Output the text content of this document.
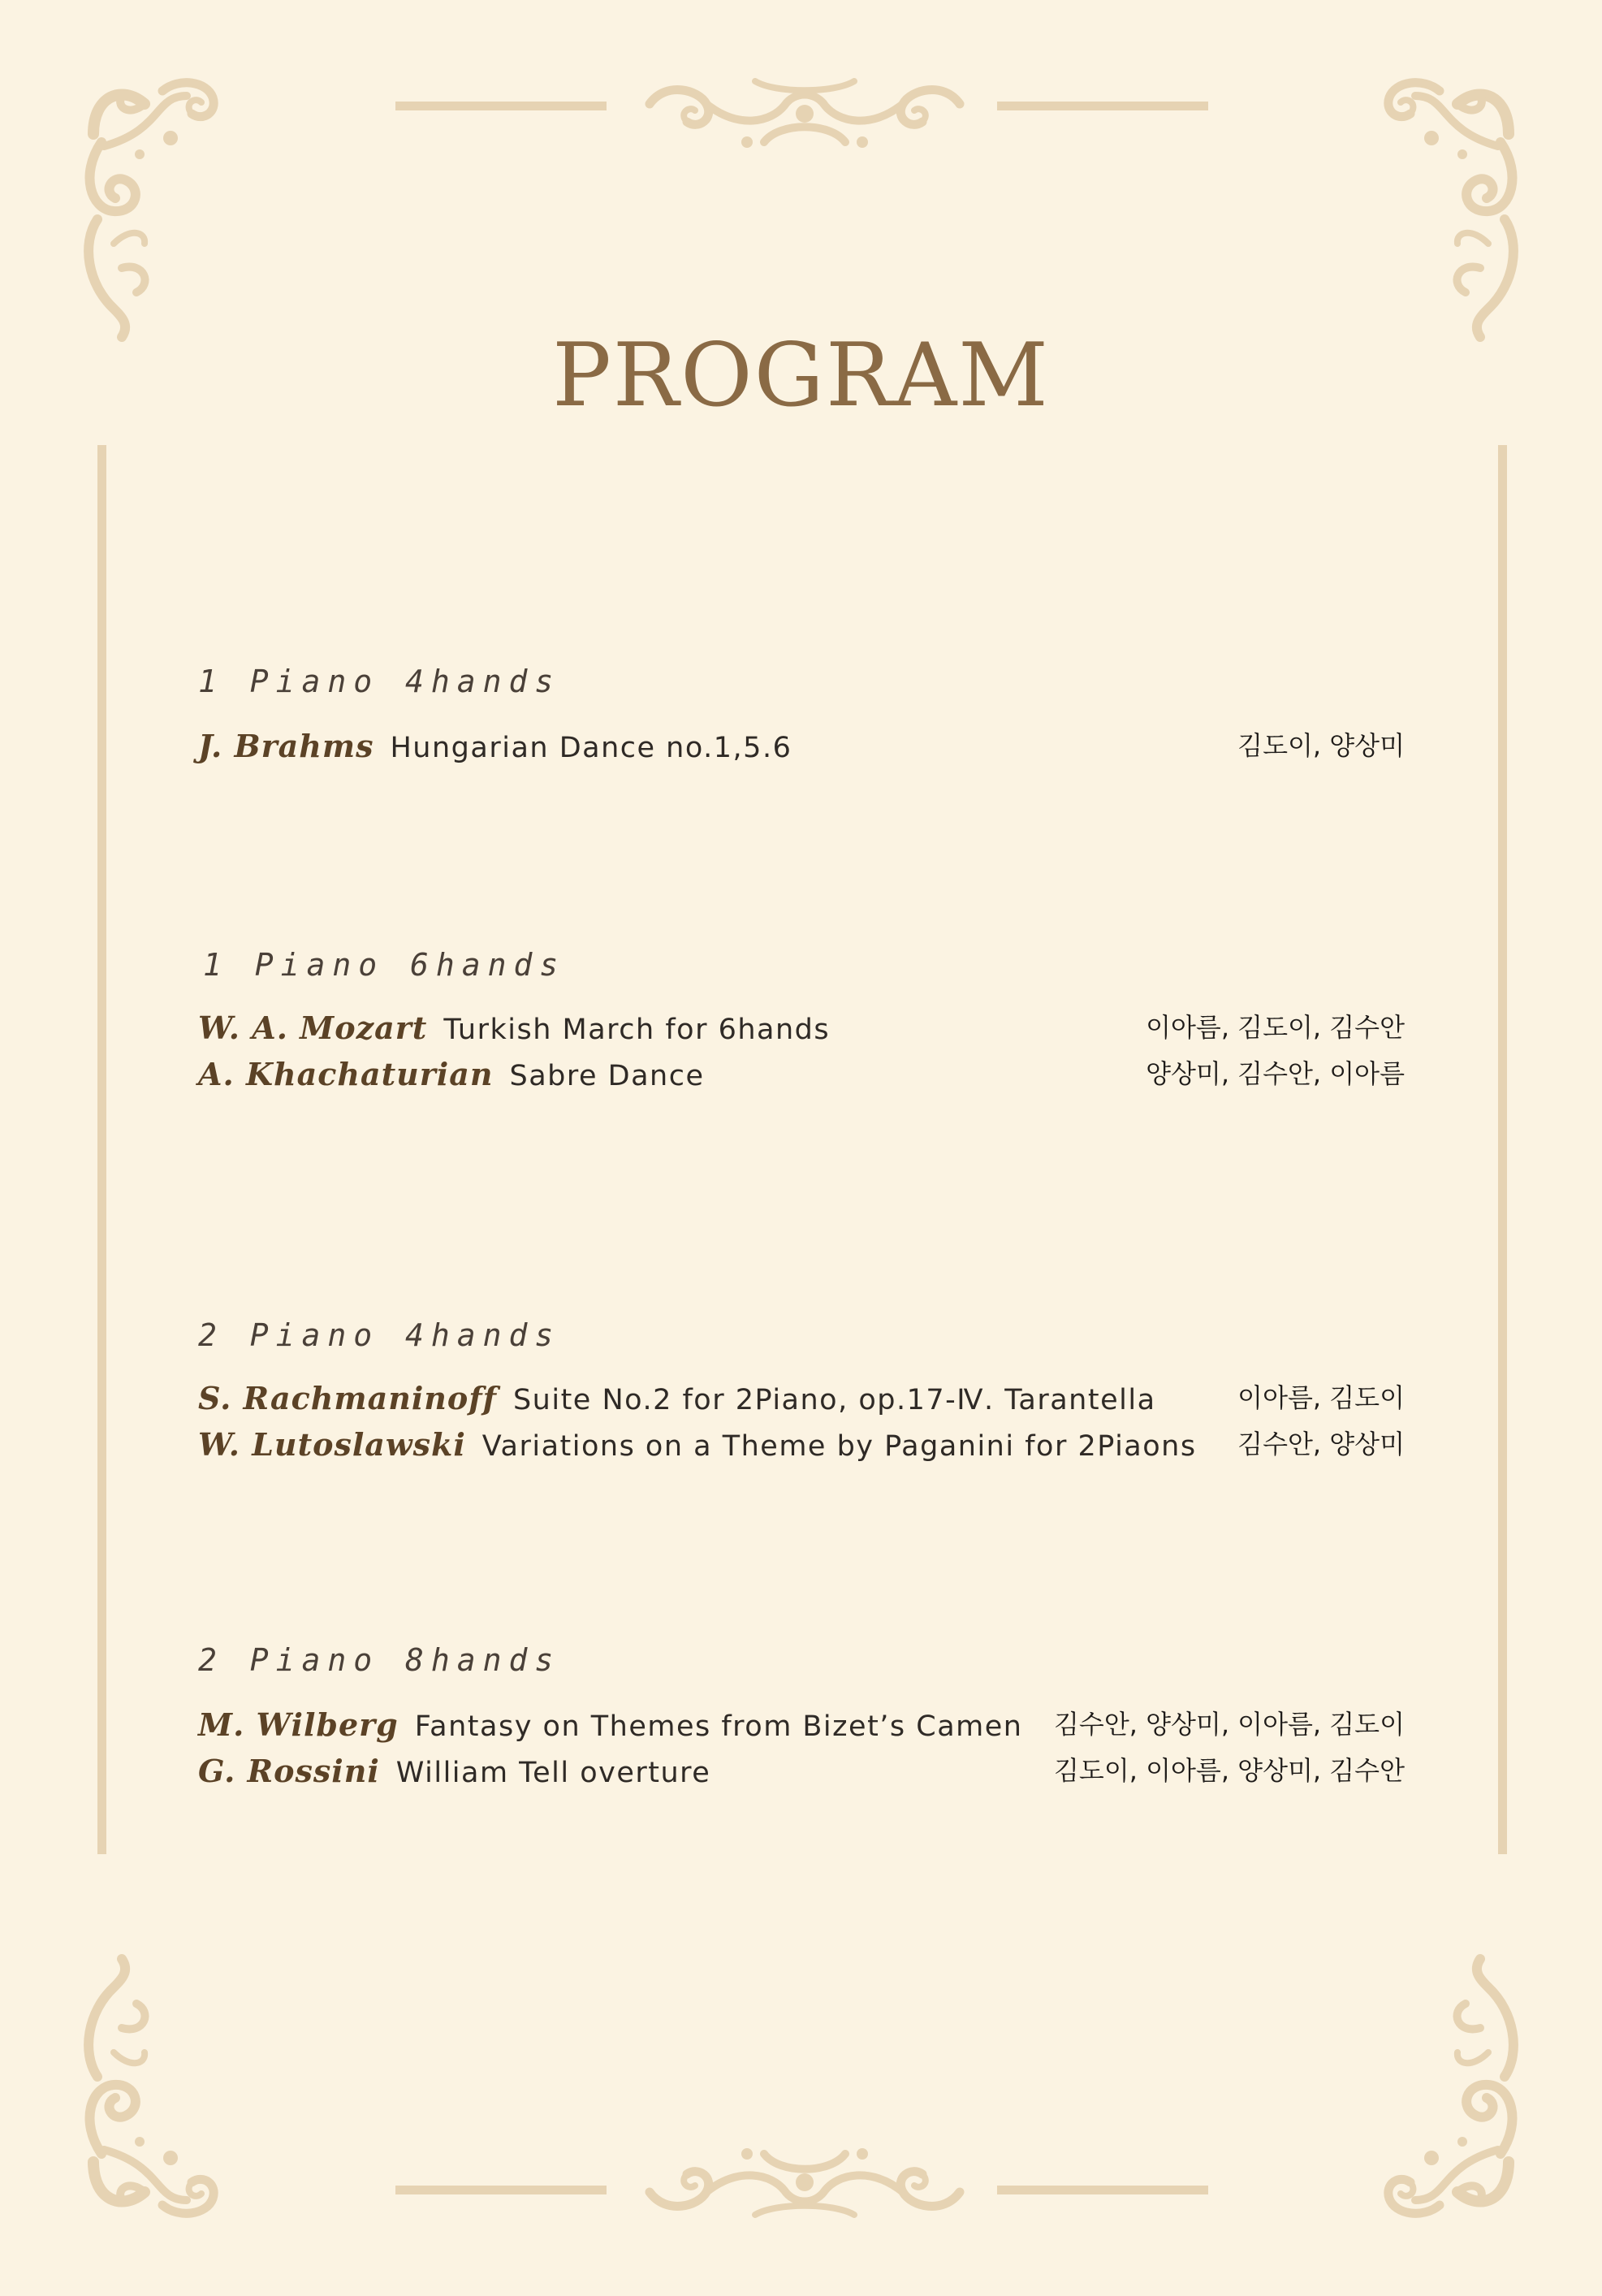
PROGRAM
1 Piano 4hands
J. Brahms Hungarian Dance no.1,5.6	김도이, 양상미
1 Piano 6hands
W. A. Mozart Turkish March for 6hands	이아름, 김도이, 김수안
A. Khachaturian Sabre Dance	양상미, 김수안, 이아름
2 Piano 4hands
S. Rachmaninoff Suite No.2 for 2Piano, op.17-Ⅳ. Tarantella	이아름, 김도이
W. Lutoslawski Variations on a Theme by Paganini for 2Piaons 김수안, 양상미
2 Piano 8hands
M. Wilberg Fantasy on Themes from Bizet’s Camen 김수안, 양상미, 이아름, 김도이
G. Rossini William Tell overture	김도이, 이아름, 양상미, 김수안
